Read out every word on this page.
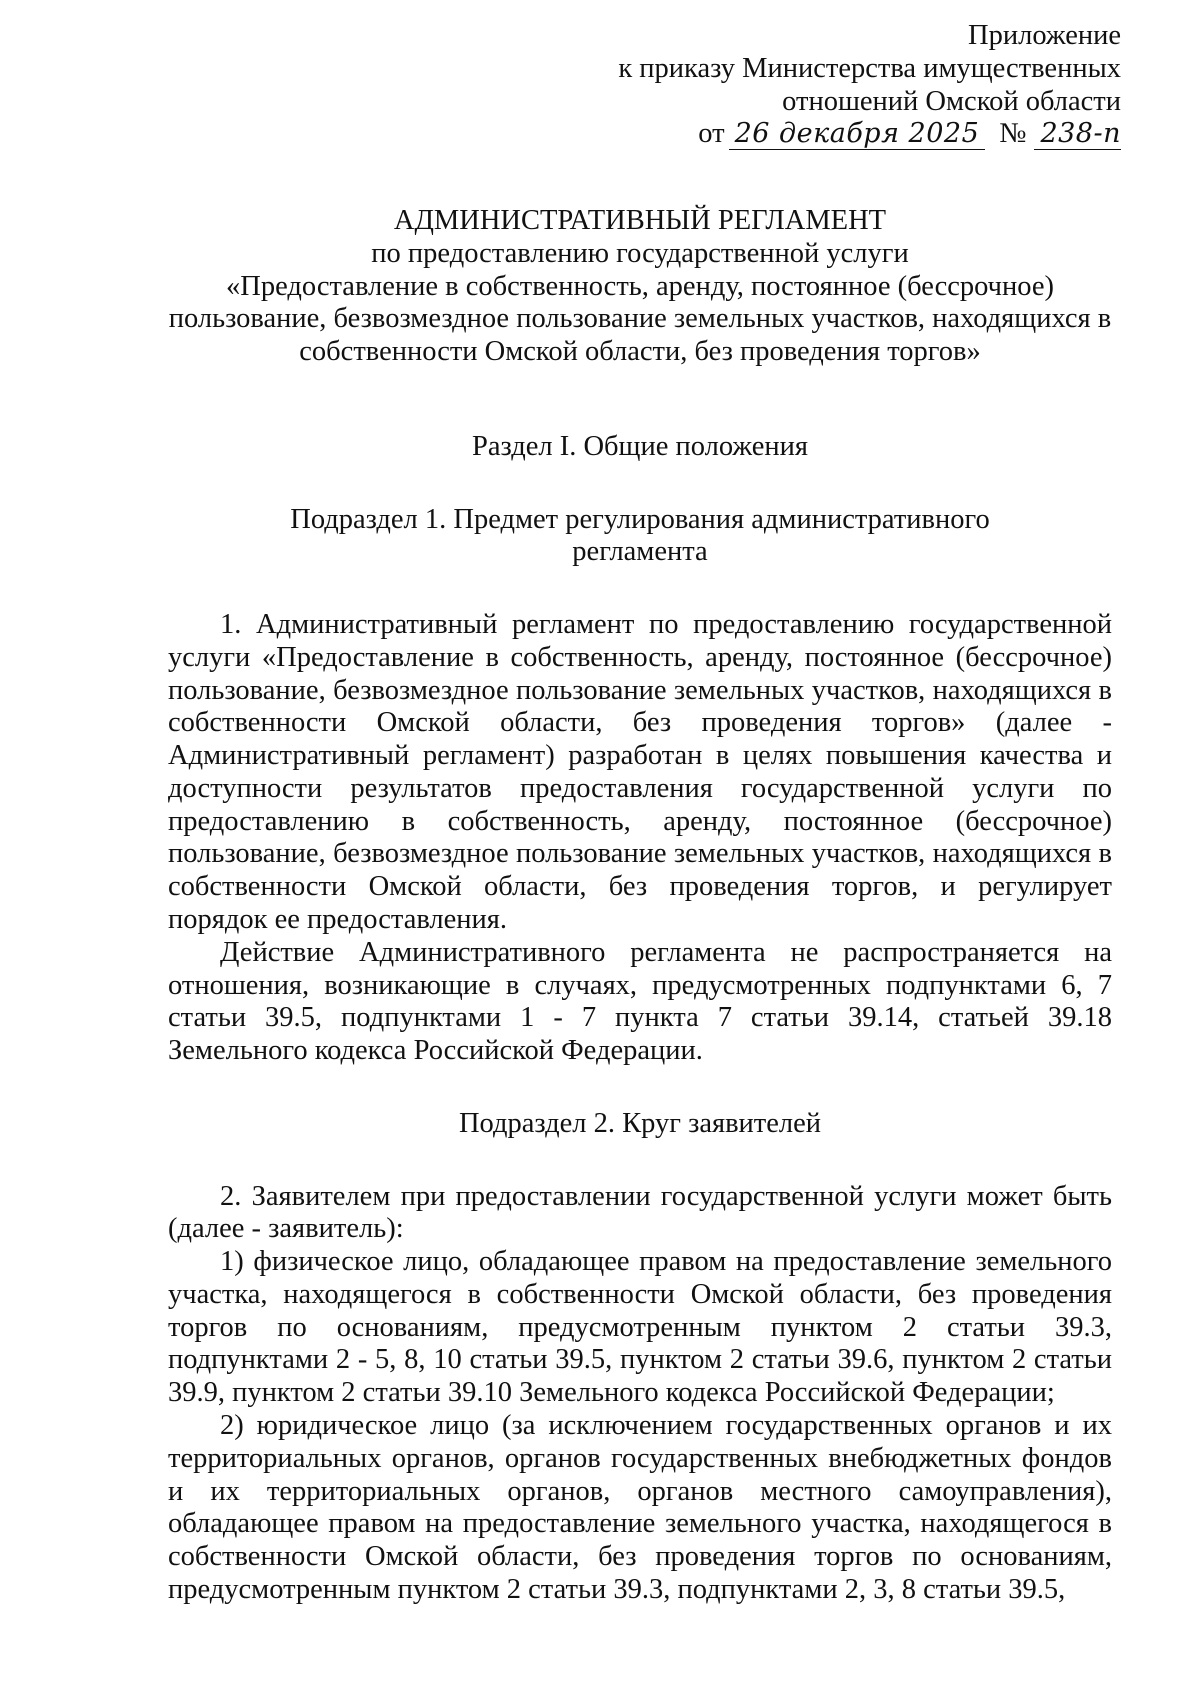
Приложение
к приказу Министерства имущественных
отношений Омской области
от 26 декабря 2025 № 238-п
АДМИНИСТРАТИВНЫЙ РЕГЛАМЕНТ
по предоставлению государственной услуги
«Предоставление в собственность, аренду, постоянное (бессрочное)
пользование, безвозмездное пользование земельных участков, находящихся в
собственности Омской области, без проведения торгов»
Раздел I. Общие положения
Подраздел 1. Предмет регулирования административного
регламента

1. Административный регламент по предоставлению государственной услуги «Предоставление в собственность, аренду, постоянное (бессрочное) пользование, безвозмездное пользование земельных участков, находящихся в собственности Омской области, без проведения торгов» (далее - Административный регламент) разработан в целях повышения качества и доступности результатов предоставления государственной услуги по предоставлению в собственность, аренду, постоянное (бессрочное) пользование, безвозмездное пользование земельных участков, находящихся в собственности Омской области, без проведения торгов, и регулирует порядок ее предоставления.

Действие Административного регламента не распространяется на отношения, возникающие в случаях, предусмотренных подпунктами 6, 7 статьи 39.5, подпунктами 1 - 7 пункта 7 статьи 39.14, статьей 39.18 Земельного кодекса Российской Федерации.

Подраздел 2. Круг заявителей

2. Заявителем при предоставлении государственной услуги может быть (далее - заявитель):

1) физическое лицо, обладающее правом на предоставление земельного участка, находящегося в собственности Омской области, без проведения торгов по основаниям, предусмотренным пунктом 2 статьи 39.3, подпунктами 2 - 5, 8, 10 статьи 39.5, пунктом 2 статьи 39.6, пунктом 2 статьи 39.9, пунктом 2 статьи 39.10 Земельного кодекса Российской Федерации;

2) юридическое лицо (за исключением государственных органов и их территориальных органов, органов государственных внебюджетных фондов и их территориальных органов, органов местного самоуправления), обладающее правом на предоставление земельного участка, находящегося в собственности Омской области, без проведения торгов по основаниям, предусмотренным пунктом 2 статьи 39.3, подпунктами 2, 3, 8 статьи 39.5,
